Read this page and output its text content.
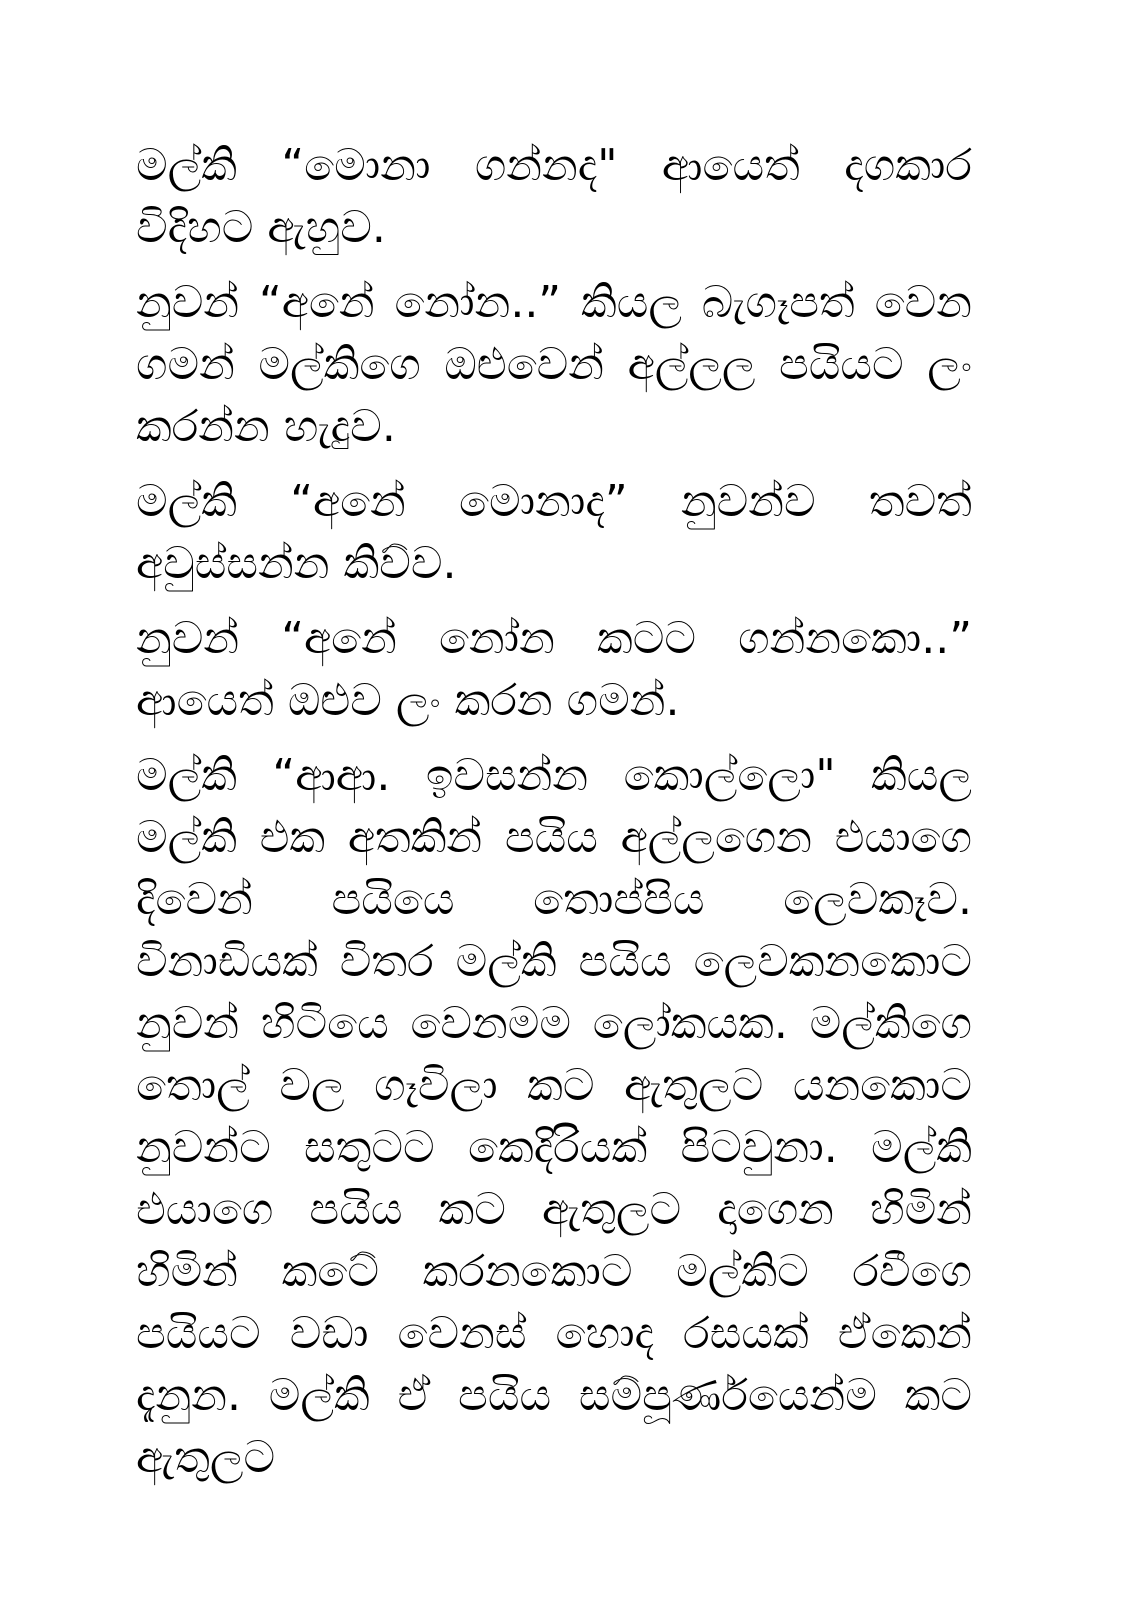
මල්කි “මොනා ගන්නද" ආයෙත් දගකාර විදිහට ඇහුව.

නුවන් “අනේ නෝන..” කියල බැගෑපත් වෙන ගමන් මල්කිගෙ ඔළුවෙන් අල්ලල පයියට ලං කරන්න හැදුව.

මල්කි “අනේ මොනාද” නුවන්ව තවත් අවුස්සන්න කිව්ව.

නුවන් “අනේ නෝන කටට ගන්නකො..” ආයෙත් ඔළුව ලං කරන ගමන්.

මල්කි “ආආ. ඉවසන්න කොල්ලො" කියල මල්කි එක අතකින් පයිය අල්ලගෙන එයාගෙ දිවෙන් පයියෙ තොප්පිය ලෙවකෑව. විනාඩියක් විතර මල්කි පයිය ලෙවකනකොට නුවන් හිටියෙ වෙනමම ලෝකයක. මල්කිගෙ තොල් වල ගෑවිලා කට ඇතුලට යනකොට නුවන්ට සතුටට කෙදිරියක් පිටවුනා. මල්කි එයාගෙ පයිය කට ඇතුලට දාගෙන හිමින් හිමින් කටේ කරනකොට මල්කිට රවීගෙ පයියට වඩා වෙනස් හොද රසයක් ඒකෙන් දැනුන. මල්කි ඒ පයිය සම්පූර්ණයෙන්ම කට ඇතුලට
